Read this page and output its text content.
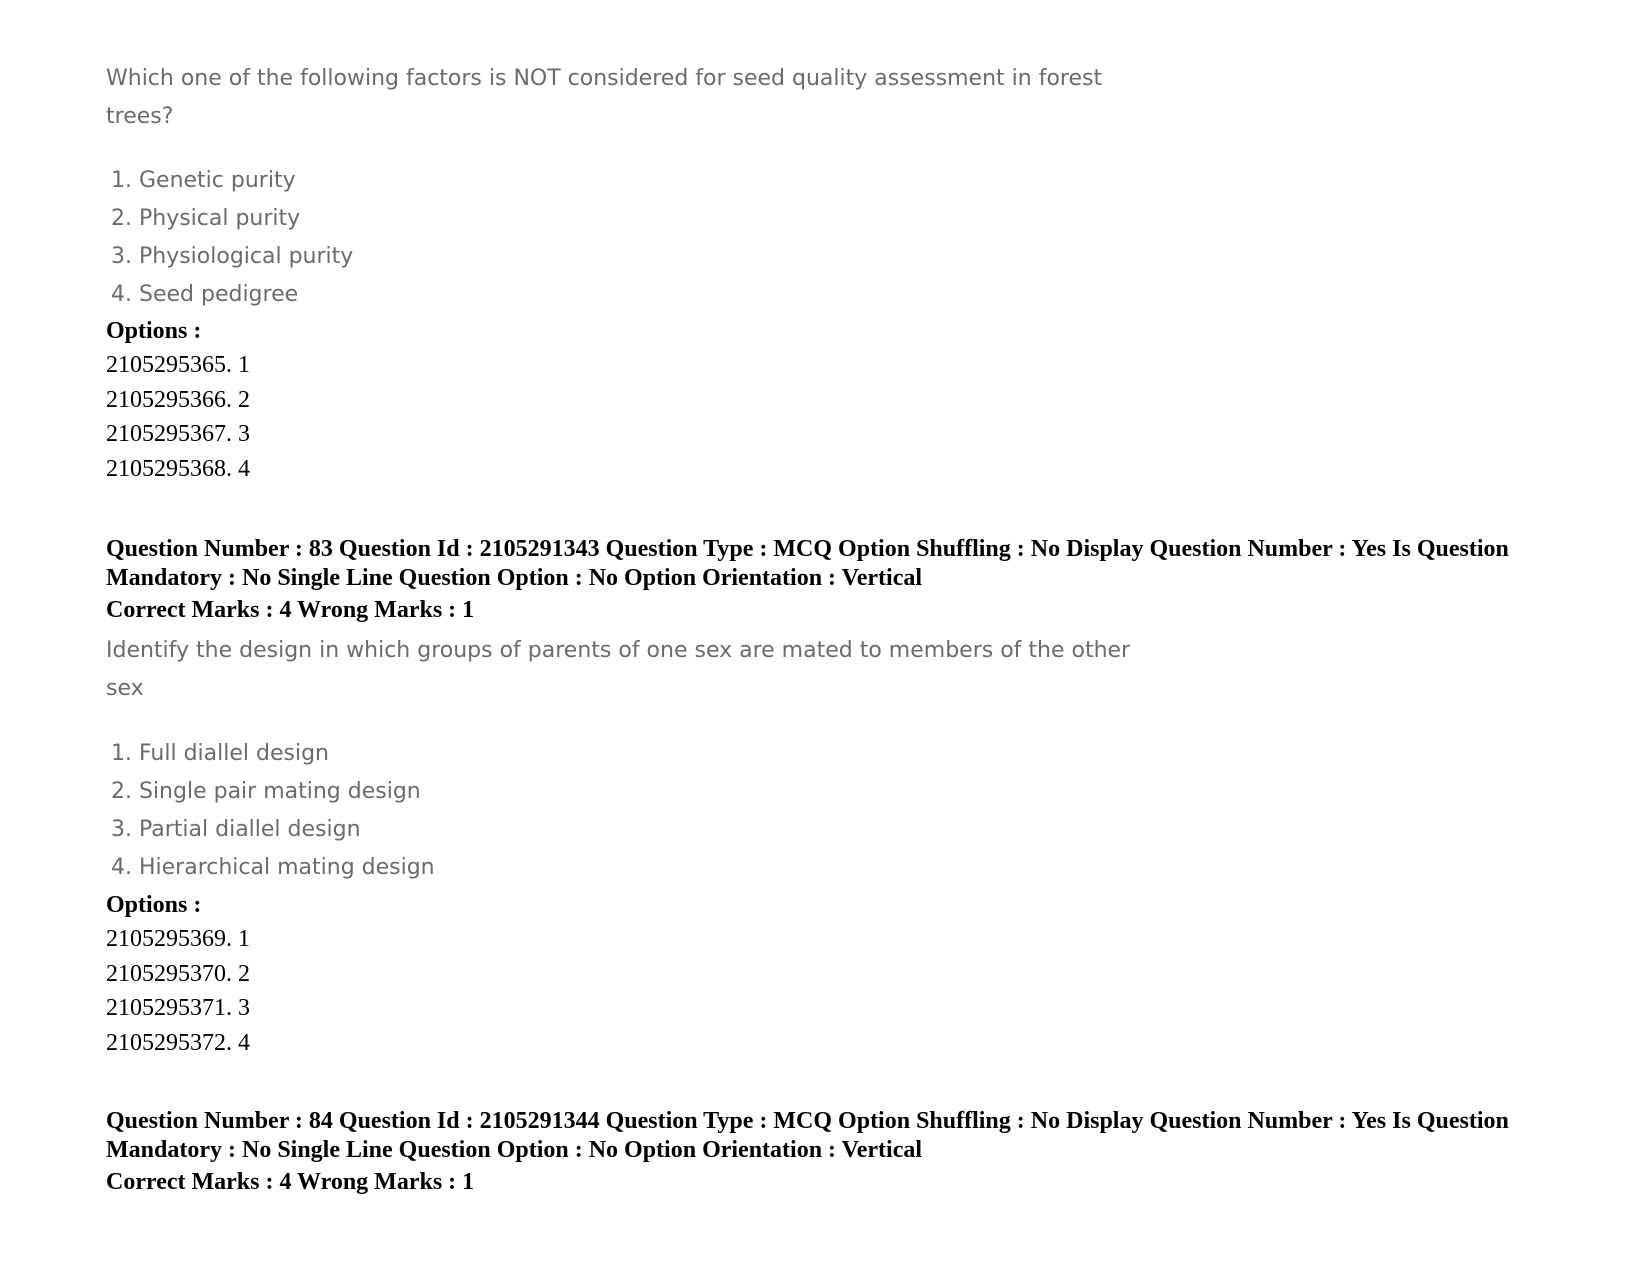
Which one of the following factors is NOT considered for seed quality assessment in forest trees?

1. Genetic purity
2. Physical purity
3. Physiological purity
4. Seed pedigree

Options :

2105295365. 1

2105295366. 2

2105295367. 3

2105295368. 4

Question Number : 83 Question Id : 2105291343 Question Type : MCQ Option Shuffling : No Display Question Number : Yes Is Question Mandatory : No Single Line Question Option : No Option Orientation : Vertical

Correct Marks : 4 Wrong Marks : 1

Identify the design in which groups of parents of one sex are mated to members of the other sex

1. Full diallel design
2. Single pair mating design
3. Partial diallel design
4. Hierarchical mating design

Options :

2105295369. 1

2105295370. 2

2105295371. 3

2105295372. 4

Question Number : 84 Question Id : 2105291344 Question Type : MCQ Option Shuffling : No Display Question Number : Yes Is Question Mandatory : No Single Line Question Option : No Option Orientation : Vertical

Correct Marks : 4 Wrong Marks : 1
